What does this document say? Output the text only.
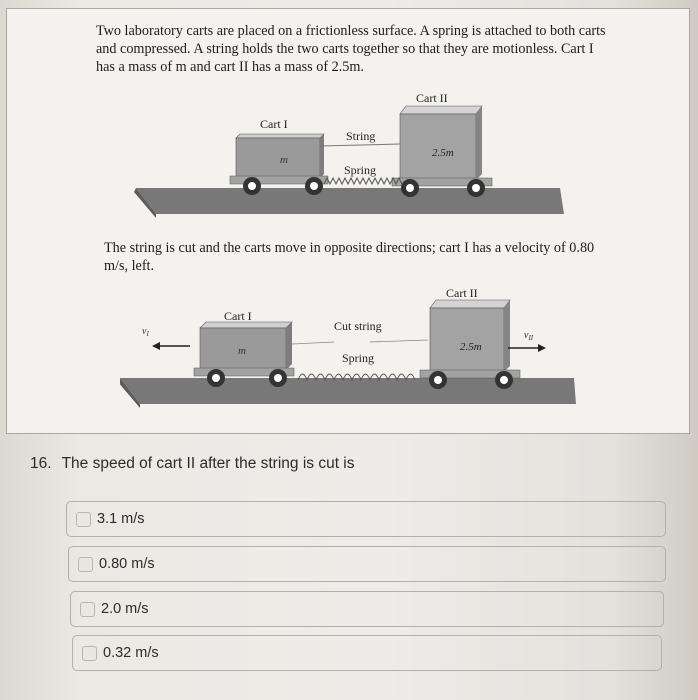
Two laboratory carts are placed on a frictionless surface. A spring is attached to both carts and compressed. A string holds the two carts together so that they are motionless. Cart I has a mass of m and cart II has a mass of 2.5m.

m
Cart I
2.5m
Cart II
String
Spring

The string is cut and the carts move in opposite directions; cart I has a velocity of 0.80 m/s, left.

$v_I$
m
Cart I
Cut string
Spring
2.5m
Cart II
$v_{II}$
16. The speed of cart II after the string is cut is
3.1 m/s
0.80 m/s
2.0 m/s
0.32 m/s
